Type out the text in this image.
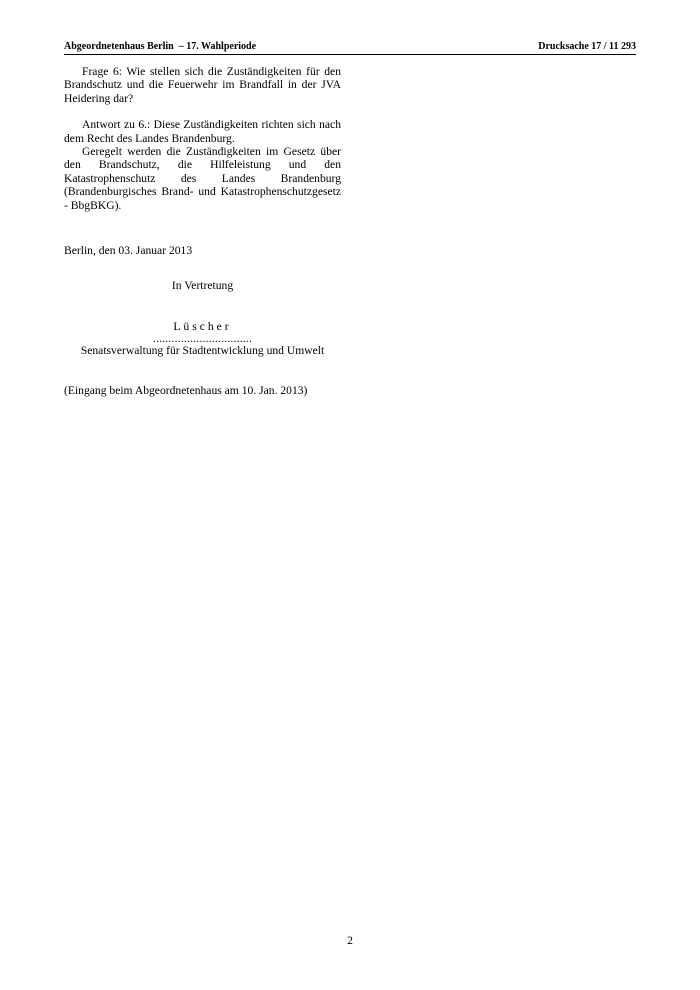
Abgeordnetenhaus Berlin  – 17. Wahlperiode	Drucksache 17 / 11 293

Frage 6: Wie stellen sich die Zuständigkeiten für den Brandschutz und die Feuerwehr im Brandfall in der JVA Heidering dar?

Antwort zu 6.: Diese Zuständigkeiten richten sich nach dem Recht des Landes Brandenburg.

Geregelt werden die Zuständigkeiten im Gesetz über den Brandschutz, die Hilfeleistung und den Katastrophenschutz des Landes Brandenburg (Brandenburgisches Brand- und Katastrophenschutzgesetz - BbgBKG).

Berlin, den 03. Januar 2013

In Vertretung

Lüscher

................................

Senatsverwaltung für Stadtentwicklung und Umwelt

(Eingang beim Abgeordnetenhaus am 10. Jan. 2013)

2
